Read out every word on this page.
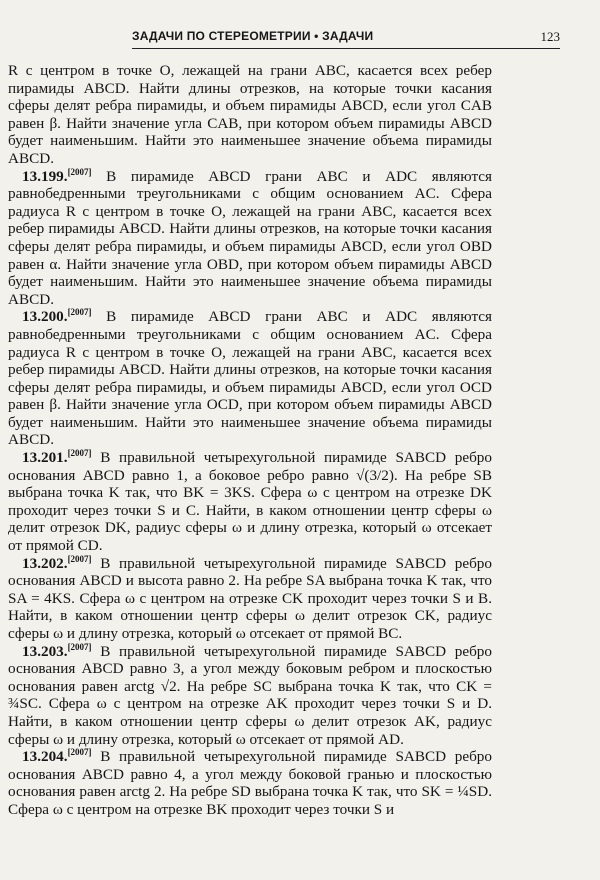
ЗАДАЧИ ПО СТЕРЕОМЕТРИИ • ЗАДАЧИ	123

R с центром в точке O, лежащей на грани ABC, касается всех ребер пирамиды ABCD. Найти длины отрезков, на которые точки касания сферы делят ребра пирамиды, и объем пирамиды ABCD, если угол CAB равен β. Найти значение угла CAB, при котором объем пирамиды ABCD будет наименьшим. Найти это наименьшее значение объема пирамиды ABCD.

13.199.[2007] В пирамиде ABCD грани ABC и ADC являются равнобедренными треугольниками с общим основанием AC. Сфера радиуса R с центром в точке O, лежащей на грани ABC, касается всех ребер пирамиды ABCD. Найти длины отрезков, на которые точки касания сферы делят ребра пирамиды, и объем пирамиды ABCD, если угол OBD равен α. Найти значение угла OBD, при котором объем пирамиды ABCD будет наименьшим. Найти это наименьшее значение объема пирамиды ABCD.

13.200.[2007] В пирамиде ABCD грани ABC и ADC являются равнобедренными треугольниками с общим основанием AC. Сфера радиуса R с центром в точке O, лежащей на грани ABC, касается всех ребер пирамиды ABCD. Найти длины отрезков, на которые точки касания сферы делят ребра пирамиды, и объем пирамиды ABCD, если угол OCD равен β. Найти значение угла OCD, при котором объем пирамиды ABCD будет наименьшим. Найти это наименьшее значение объема пирамиды ABCD.

13.201.[2007] В правильной четырехугольной пирамиде SABCD ребро основания ABCD равно 1, а боковое ребро равно √(3/2). На ребре SB выбрана точка K так, что BK = 3KS. Сфера ω с центром на отрезке DK проходит через точки S и C. Найти, в каком отношении центр сферы ω делит отрезок DK, радиус сферы ω и длину отрезка, который ω отсекает от прямой CD.

13.202.[2007] В правильной четырехугольной пирамиде SABCD ребро основания ABCD и высота равно 2. На ребре SA выбрана точка K так, что SA = 4KS. Сфера ω с центром на отрезке CK проходит через точки S и B. Найти, в каком отношении центр сферы ω делит отрезок CK, радиус сферы ω и длину отрезка, который ω отсекает от прямой BC.

13.203.[2007] В правильной четырехугольной пирамиде SABCD ребро основания ABCD равно 3, а угол между боковым ребром и плоскостью основания равен arctg √2. На ребре SC выбрана точка K так, что CK = ¾SC. Сфера ω с центром на отрезке AK проходит через точки S и D. Найти, в каком отношении центр сферы ω делит отрезок AK, радиус сферы ω и длину отрезка, который ω отсекает от прямой AD.

13.204.[2007] В правильной четырехугольной пирамиде SABCD ребро основания ABCD равно 4, а угол между боковой гранью и плоскостью основания равен arctg 2. На ребре SD выбрана точка K так, что SK = ¼SD. Сфера ω с центром на отрезке BK проходит через точки S и
